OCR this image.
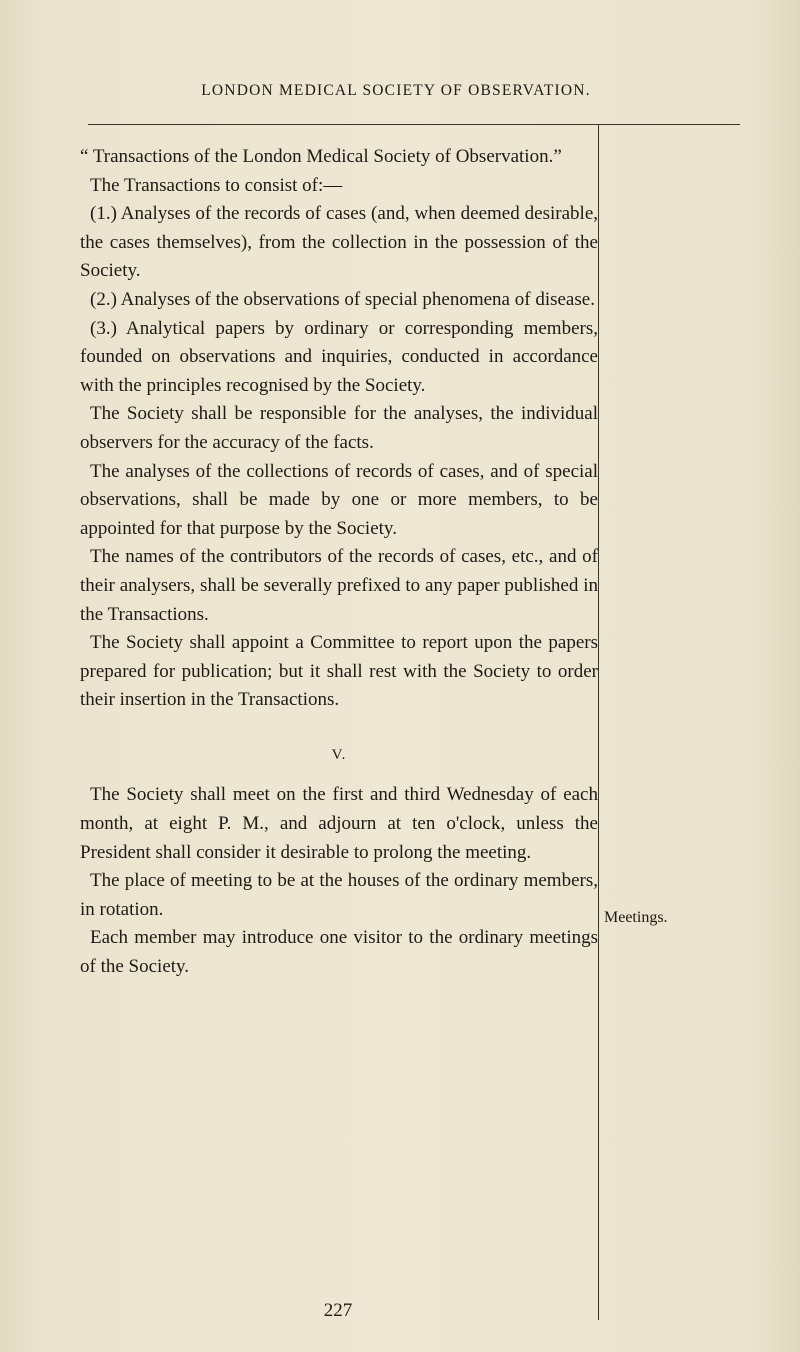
LONDON MEDICAL SOCIETY OF OBSERVATION.

“ Transactions of the London Medical Society of Observation.”

The Transactions to consist of:—

(1.) Analyses of the records of cases (and, when deemed desirable, the cases themselves), from the collection in the possession of the Society.

(2.) Analyses of the observations of special phenomena of disease.

(3.) Analytical papers by ordinary or corresponding members, founded on observations and inquiries, conducted in accordance with the principles recognised by the Society.

The Society shall be responsible for the analyses, the individual observers for the accuracy of the facts.

The analyses of the collections of records of cases, and of special observations, shall be made by one or more members, to be appointed for that purpose by the Society.

The names of the contributors of the records of cases, etc., and of their analysers, shall be severally prefixed to any paper published in the Transactions.

The Society shall appoint a Committee to report upon the papers prepared for publication; but it shall rest with the Society to order their insertion in the Transactions.

V.

The Society shall meet on the first and third Wednesday of each month, at eight P. M., and adjourn at ten o'clock, unless the President shall consider it desirable to prolong the meeting.

The place of meeting to be at the houses of the ordinary members, in rotation.

Each member may introduce one visitor to the ordinary meetings of the Society.

Meetings.
227
